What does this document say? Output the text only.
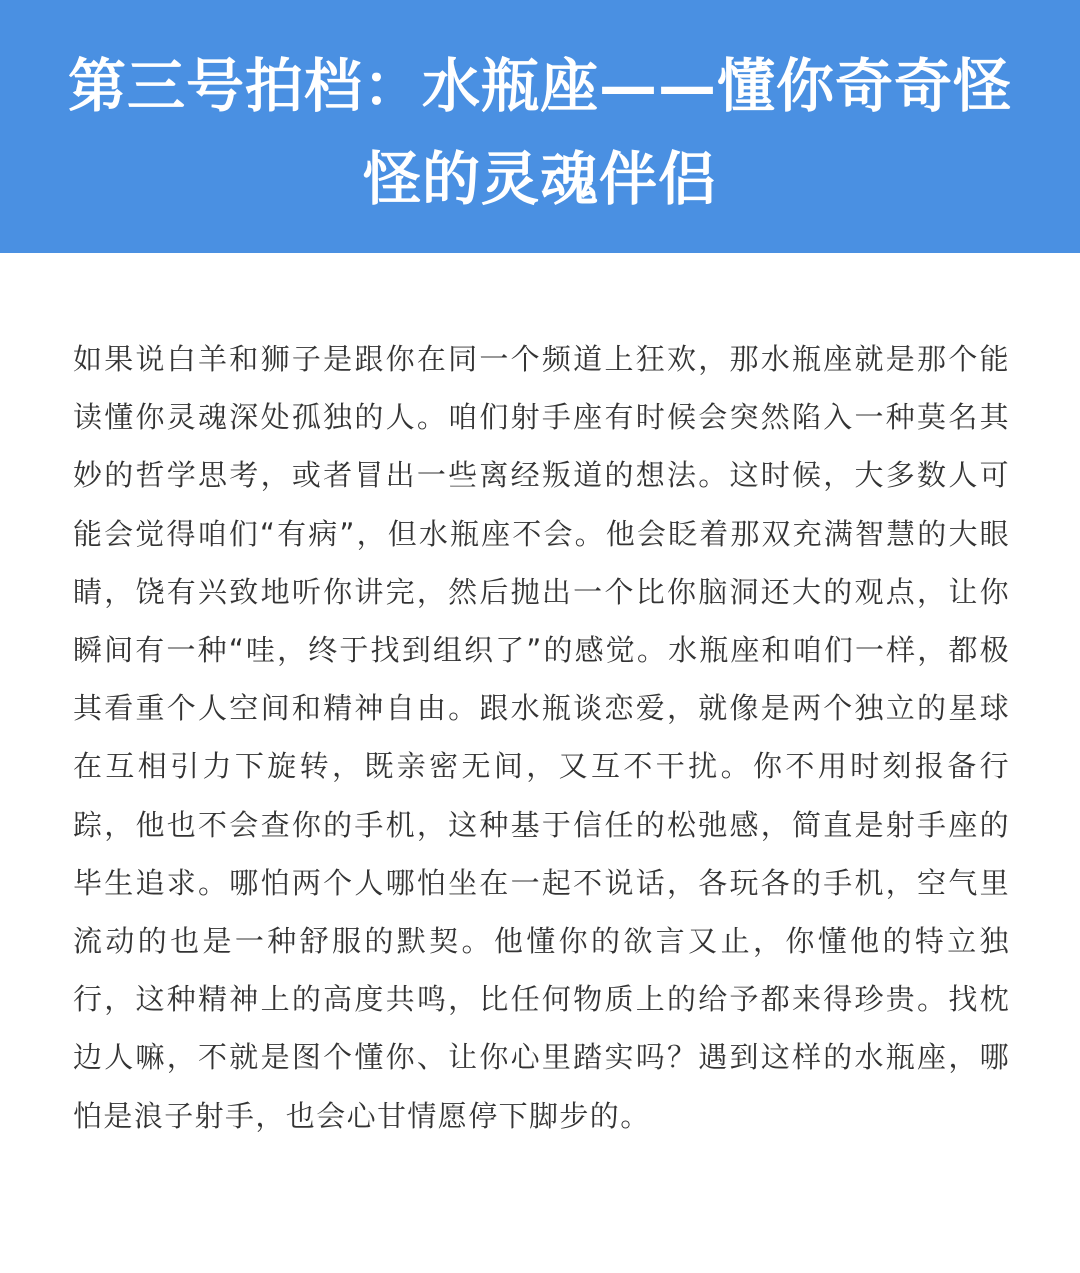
第三号拍档：水瓶座——懂你奇奇怪怪的灵魂伴侣

如果说白羊和狮子是跟你在同一个频道上狂欢，那水瓶座就是那个能读懂你灵魂深处孤独的人。咱们射手座有时候会突然陷入一种莫名其妙的哲学思考，或者冒出一些离经叛道的想法。这时候，大多数人可能会觉得咱们“有病”，但水瓶座不会。他会眨着那双充满智慧的大眼睛，饶有兴致地听你讲完，然后抛出一个比你脑洞还大的观点，让你瞬间有一种“哇，终于找到组织了”的感觉。水瓶座和咱们一样，都极其看重个人空间和精神自由。跟水瓶谈恋爱，就像是两个独立的星球在互相引力下旋转，既亲密无间，又互不干扰。你不用时刻报备行踪，他也不会查你的手机，这种基于信任的松弛感，简直是射手座的毕生追求。哪怕两个人哪怕坐在一起不说话，各玩各的手机，空气里流动的也是一种舒服的默契。他懂你的欲言又止，你懂他的特立独行，这种精神上的高度共鸣，比任何物质上的给予都来得珍贵。找枕边人嘛，不就是图个懂你、让你心里踏实吗？遇到这样的水瓶座，哪怕是浪子射手，也会心甘情愿停下脚步的。
